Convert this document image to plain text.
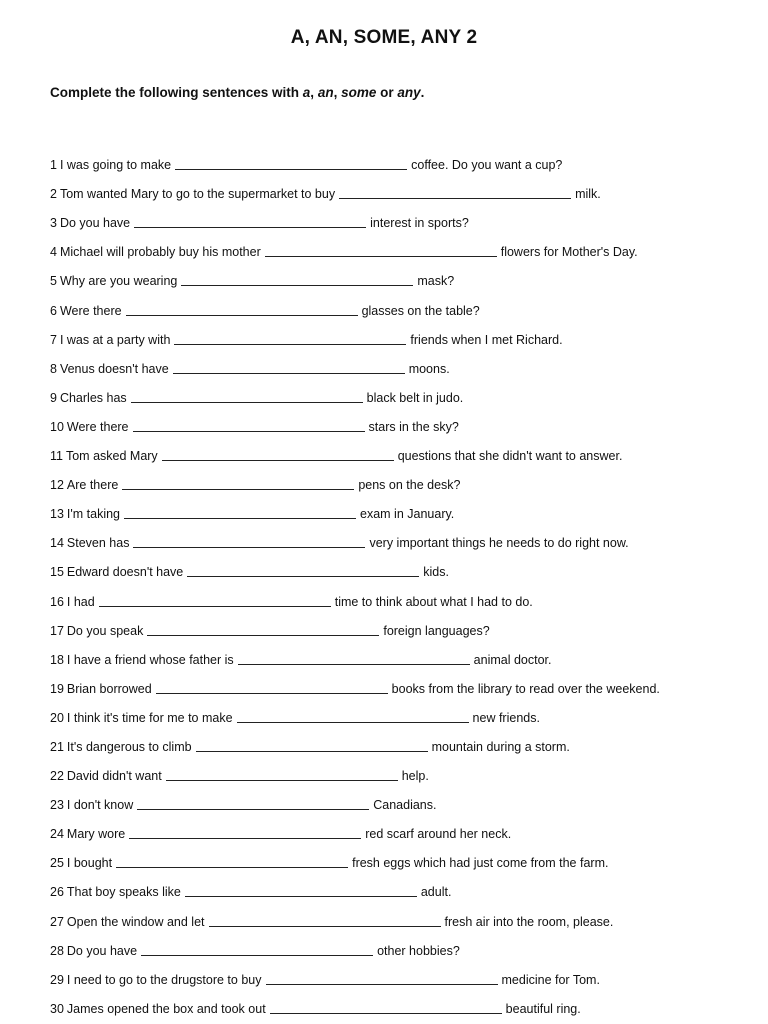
A, AN, SOME, ANY 2
Complete the following sentences with a, an, some or any.
1 I was going to make	coffee. Do you want a cup?
2 Tom wanted Mary to go to the supermarket to buy	milk.
3 Do you have	interest in sports?
4 Michael will probably buy his mother	flowers for Mother's Day.
5 Why are you wearing	mask?
6 Were there	glasses on the table?
7 I was at a party with	friends when I met Richard.
8 Venus doesn't have	moons.
9 Charles has	black belt in judo.
10 Were there	stars in the sky?
11 Tom asked Mary	questions that she didn't want to answer.
12 Are there	pens on the desk?
13 I'm taking	exam in January.
14 Steven has	very important things he needs to do right now.
15 Edward doesn't have	kids.
16 I had	time to think about what I had to do.
17 Do you speak	foreign languages?
18 I have a friend whose father is	animal doctor.
19 Brian borrowed	books from the library to read over the weekend.
20 I think it's time for me to make	new friends.
21 It's dangerous to climb	mountain during a storm.
22 David didn't want	help.
23 I don't know	Canadians.
24 Mary wore	red scarf around her neck.
25 I bought	fresh eggs which had just come from the farm.
26 That boy speaks like	adult.
27 Open the window and let	fresh air into the room, please.
28 Do you have	other hobbies?
29 I need to go to the drugstore to buy	medicine for Tom.
30 James opened the box and took out	beautiful ring.
